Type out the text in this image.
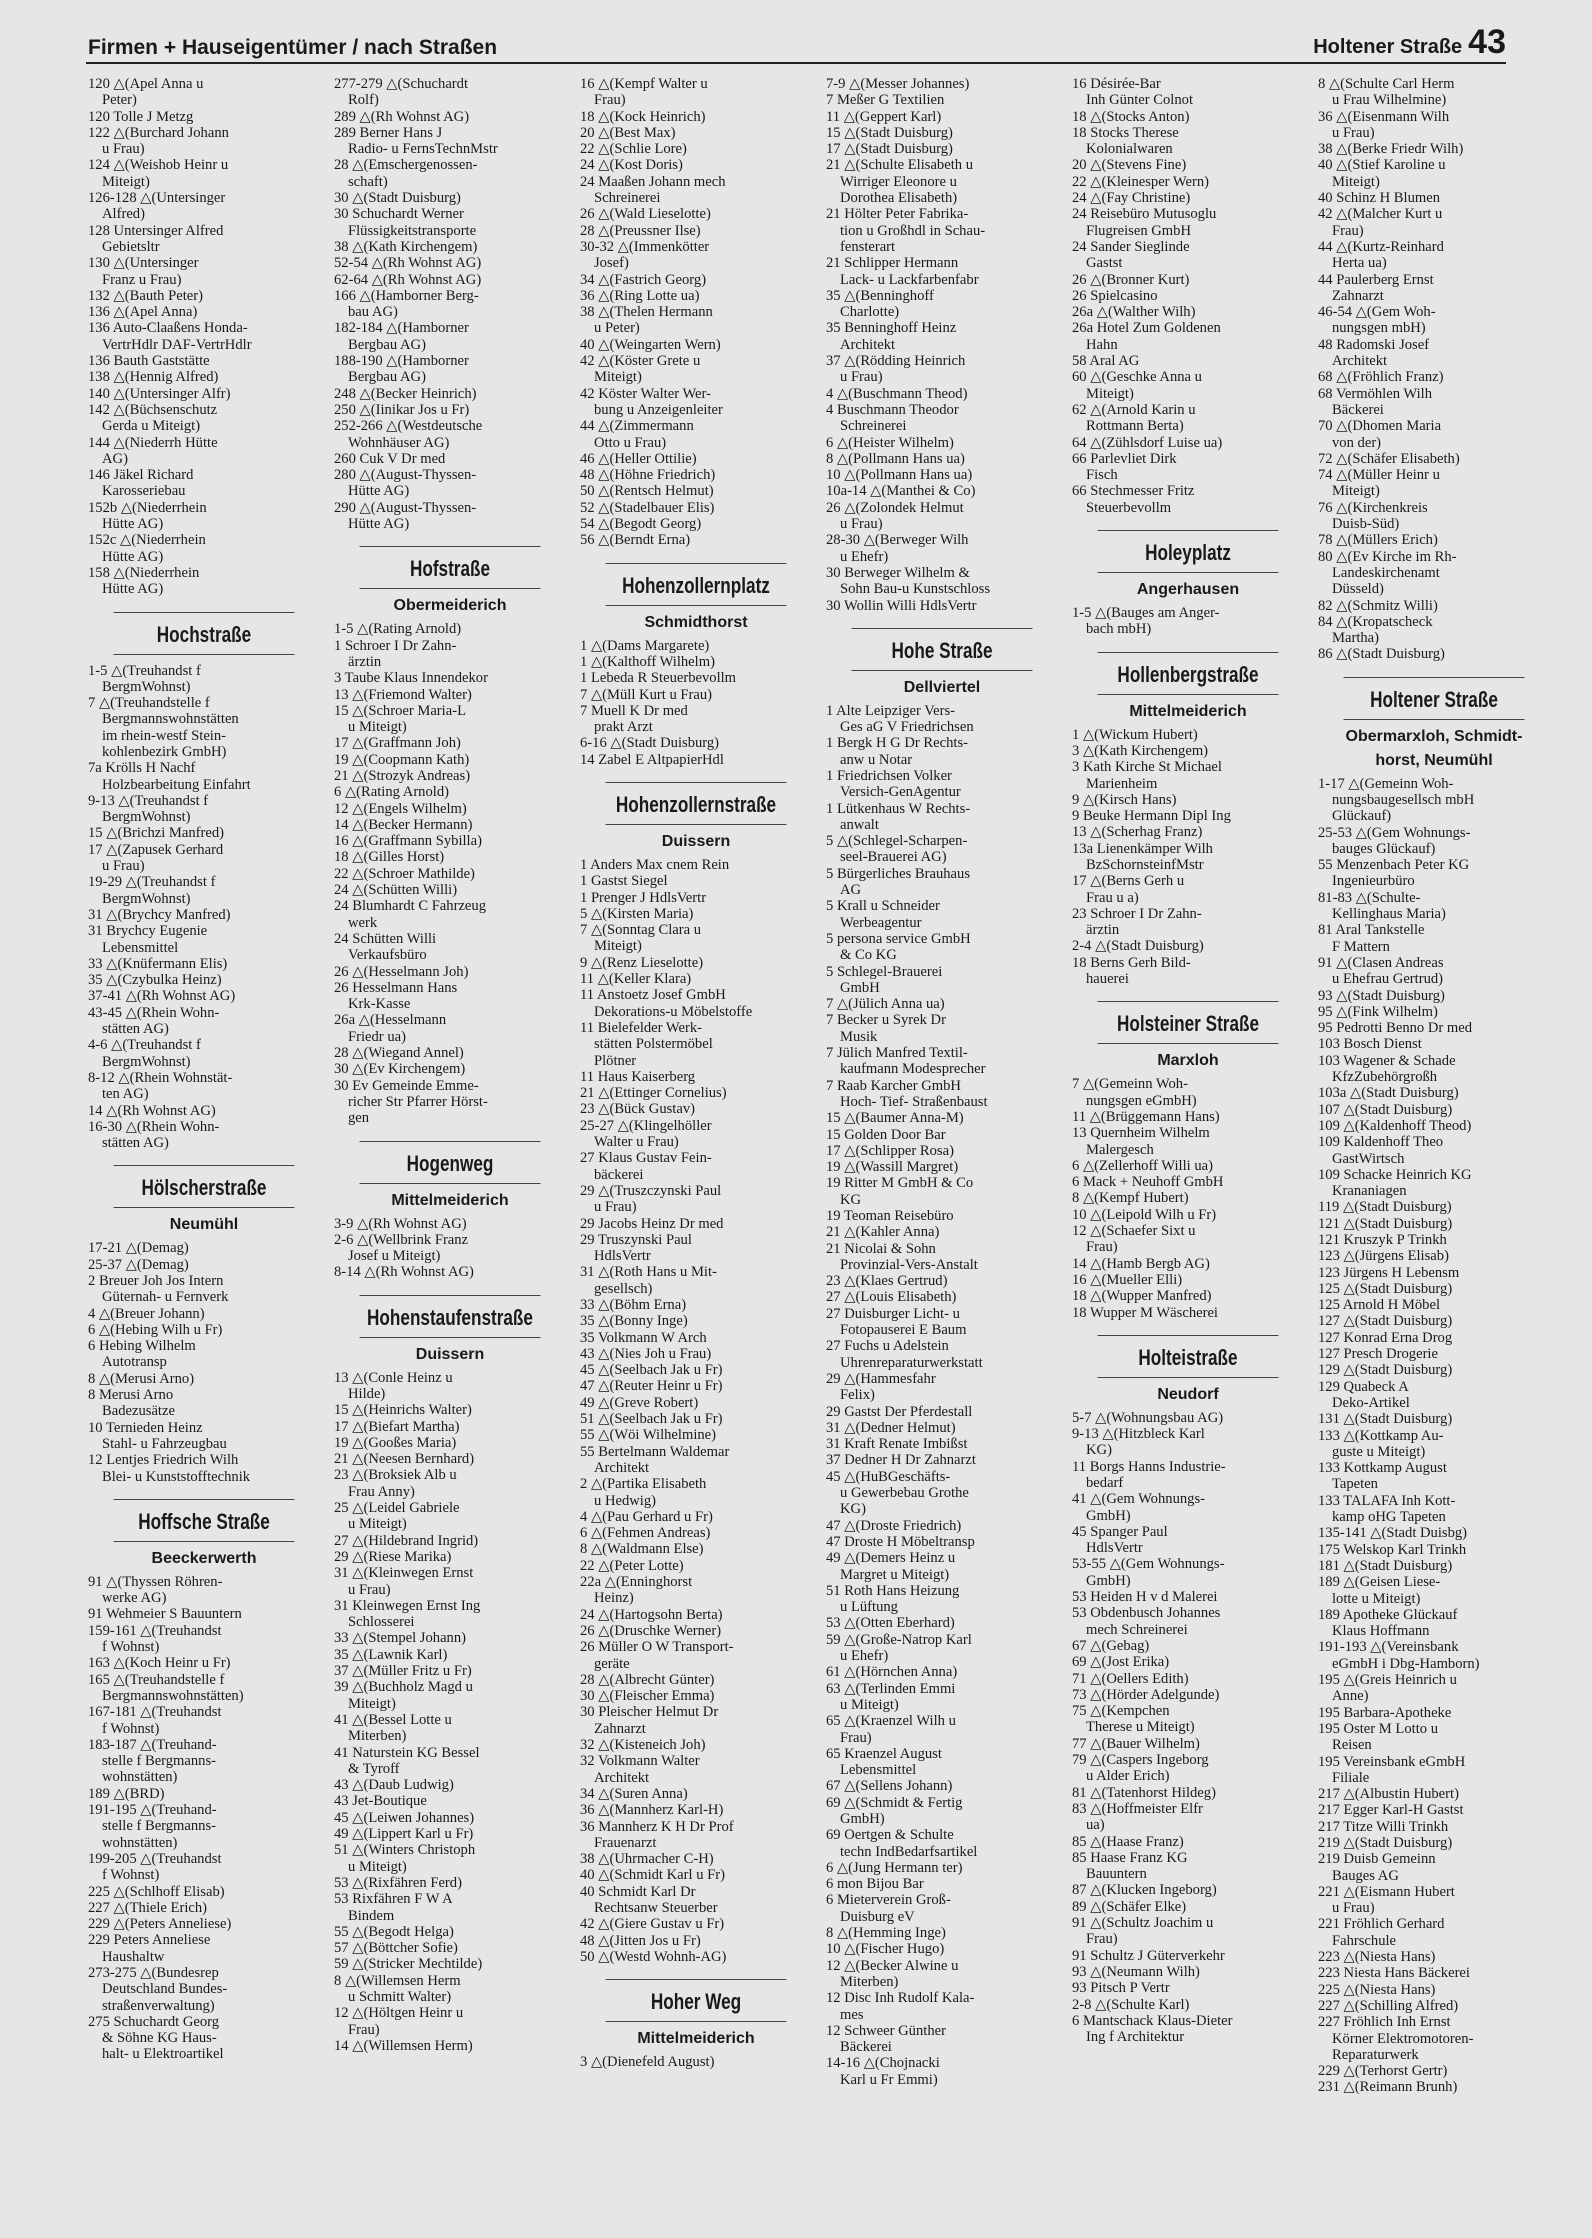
Firmen + Hauseigentümer / nach Straßen	Holtener Straße 43
120 △(Apel Anna u
Peter)
120 Tolle J Metzg
122 △(Burchard Johann
u Frau)
124 △(Weishob Heinr u
Miteigt)
126-128 △(Untersinger
Alfred)
128 Untersinger Alfred
Gebietsltr
130 △(Untersinger
Franz u Frau)
132 △(Bauth Peter)
136 △(Apel Anna)
136 Auto-Claaßens Honda-
VertrHdlr DAF-VertrHdlr
136 Bauth Gaststätte
138 △(Hennig Alfred)
140 △(Untersinger Alfr)
142 △(Büchsenschutz
Gerda u Miteigt)
144 △(Niederrh Hütte
AG)
146 Jäkel Richard
Karosseriebau
152b △(Niederrhein
Hütte AG)
152c △(Niederrhein
Hütte AG)
158 △(Niederrhein
Hütte AG)
Hochstraße
1-5 △(Treuhandst f
BergmWohnst)
7 △(Treuhandstelle f
Bergmannswohnstätten
im rhein-westf Stein-
kohlenbezirk GmbH)
7a Krölls H Nachf
Holzbearbeitung Einfahrt
9-13 △(Treuhandst f
BergmWohnst)
15 △(Brichzi Manfred)
17 △(Zapusek Gerhard
u Frau)
19-29 △(Treuhandst f
BergmWohnst)
31 △(Brychcy Manfred)
31 Brychcy Eugenie
Lebensmittel
33 △(Knüfermann Elis)
35 △(Czybulka Heinz)
37-41 △(Rh Wohnst AG)
43-45 △(Rhein Wohn-
stätten AG)
4-6 △(Treuhandst f
BergmWohnst)
8-12 △(Rhein Wohnstät-
ten AG)
14 △(Rh Wohnst AG)
16-30 △(Rhein Wohn-
stätten AG)
Hölscherstraße
Neumühl
17-21 △(Demag)
25-37 △(Demag)
2 Breuer Joh Jos Intern
Güternah- u Fernverk
4 △(Breuer Johann)
6 △(Hebing Wilh u Fr)
6 Hebing Wilhelm
Autotransp
8 △(Merusi Arno)
8 Merusi Arno
Badezusätze
10 Ternieden Heinz
Stahl- u Fahrzeugbau
12 Lentjes Friedrich Wilh
Blei- u Kunststofftechnik
Hoffsche Straße
Beeckerwerth
91 △(Thyssen Röhren-
werke AG)
91 Wehmeier S Bauuntern
159-161 △(Treuhandst
f Wohnst)
163 △(Koch Heinr u Fr)
165 △(Treuhandstelle f
Bergmannswohnstätten)
167-181 △(Treuhandst
f Wohnst)
183-187 △(Treuhand-
stelle f Bergmanns-
wohnstätten)
189 △(BRD)
191-195 △(Treuhand-
stelle f Bergmanns-
wohnstätten)
199-205 △(Treuhandst
f Wohnst)
225 △(Schlhoff Elisab)
227 △(Thiele Erich)
229 △(Peters Anneliese)
229 Peters Anneliese
Haushaltw
273-275 △(Bundesrep
Deutschland Bundes-
straßenverwaltung)
275 Schuchardt Georg
& Söhne KG Haus-
halt- u Elektroartikel
277-279 △(Schuchardt
Rolf)
289 △(Rh Wohnst AG)
289 Berner Hans J
Radio- u FernsTechnMstr
28 △(Emschergenossen-
schaft)
30 △(Stadt Duisburg)
30 Schuchardt Werner
Flüssigkeitstransporte
38 △(Kath Kirchengem)
52-54 △(Rh Wohnst AG)
62-64 △(Rh Wohnst AG)
166 △(Hamborner Berg-
bau AG)
182-184 △(Hamborner
Bergbau AG)
188-190 △(Hamborner
Bergbau AG)
248 △(Becker Heinrich)
250 △(Iinikar Jos u Fr)
252-266 △(Westdeutsche
Wohnhäuser AG)
260 Cuk V Dr med
280 △(August-Thyssen-
Hütte AG)
290 △(August-Thyssen-
Hütte AG)
Hofstraße
Obermeiderich
1-5 △(Rating Arnold)
1 Schroer I Dr Zahn-
ärztin
3 Taube Klaus Innendekor
13 △(Friemond Walter)
15 △(Schroer Maria-L
u Miteigt)
17 △(Graffmann Joh)
19 △(Coopmann Kath)
21 △(Strozyk Andreas)
6 △(Rating Arnold)
12 △(Engels Wilhelm)
14 △(Becker Hermann)
16 △(Graffmann Sybilla)
18 △(Gilles Horst)
22 △(Schroer Mathilde)
24 △(Schütten Willi)
24 Blumhardt C Fahrzeug
werk
24 Schütten Willi
Verkaufsbüro
26 △(Hesselmann Joh)
26 Hesselmann Hans
Krk-Kasse
26a △(Hesselmann
Friedr ua)
28 △(Wiegand Annel)
30 △(Ev Kirchengem)
30 Ev Gemeinde Emme-
richer Str Pfarrer Hörst-
gen
Hogenweg
Mittelmeiderich
3-9 △(Rh Wohnst AG)
2-6 △(Wellbrink Franz
Josef u Miteigt)
8-14 △(Rh Wohnst AG)
Hohenstaufenstraße
Duissern
13 △(Conle Heinz u
Hilde)
15 △(Heinrichs Walter)
17 △(Biefart Martha)
19 △(Gooßes Maria)
21 △(Neesen Bernhard)
23 △(Broksiek Alb u
Frau Anny)
25 △(Leidel Gabriele
u Miteigt)
27 △(Hildebrand Ingrid)
29 △(Riese Marika)
31 △(Kleinwegen Ernst
u Frau)
31 Kleinwegen Ernst Ing
Schlosserei
33 △(Stempel Johann)
35 △(Lawnik Karl)
37 △(Müller Fritz u Fr)
39 △(Buchholz Magd u
Miteigt)
41 △(Bessel Lotte u
Miterben)
41 Naturstein KG Bessel
& Tyroff
43 △(Daub Ludwig)
43 Jet-Boutique
45 △(Leiwen Johannes)
49 △(Lippert Karl u Fr)
51 △(Winters Christoph
u Miteigt)
53 △(Rixfähren Ferd)
53 Rixfähren F W A
Bindem
55 △(Begodt Helga)
57 △(Böttcher Sofie)
59 △(Stricker Mechtilde)
8 △(Willemsen Herm
u Schmitt Walter)
12 △(Höltgen Heinr u
Frau)
14 △(Willemsen Herm)
16 △(Kempf Walter u
Frau)
18 △(Kock Heinrich)
20 △(Best Max)
22 △(Schlie Lore)
24 △(Kost Doris)
24 Maaßen Johann mech
Schreinerei
26 △(Wald Lieselotte)
28 △(Preussner Ilse)
30-32 △(Immenkötter
Josef)
34 △(Fastrich Georg)
36 △(Ring Lotte ua)
38 △(Thelen Hermann
u Peter)
40 △(Weingarten Wern)
42 △(Köster Grete u
Miteigt)
42 Köster Walter Wer-
bung u Anzeigenleiter
44 △(Zimmermann
Otto u Frau)
46 △(Heller Ottilie)
48 △(Höhne Friedrich)
50 △(Rentsch Helmut)
52 △(Stadelbauer Elis)
54 △(Begodt Georg)
56 △(Berndt Erna)
Hohenzollernplatz
Schmidthorst
1 △(Dams Margarete)
1 △(Kalthoff Wilhelm)
1 Lebeda R Steuerbevollm
7 △(Müll Kurt u Frau)
7 Muell K Dr med
prakt Arzt
6-16 △(Stadt Duisburg)
14 Zabel E AltpapierHdl
Hohenzollernstraße
Duissern
1 Anders Max cnem Rein
1 Gastst Siegel
1 Prenger J HdlsVertr
5 △(Kirsten Maria)
7 △(Sonntag Clara u
Miteigt)
9 △(Renz Lieselotte)
11 △(Keller Klara)
11 Anstoetz Josef GmbH
Dekorations-u Möbelstoffe
11 Bielefelder Werk-
stätten Polstermöbel
Plötner
11 Haus Kaiserberg
21 △(Ettinger Cornelius)
23 △(Bück Gustav)
25-27 △(Klingelhöller
Walter u Frau)
27 Klaus Gustav Fein-
bäckerei
29 △(Truszczynski Paul
u Frau)
29 Jacobs Heinz Dr med
29 Truszynski Paul
HdlsVertr
31 △(Roth Hans u Mit-
gesellsch)
33 △(Böhm Erna)
35 △(Bonny Inge)
35 Volkmann W Arch
43 △(Nies Joh u Frau)
45 △(Seelbach Jak u Fr)
47 △(Reuter Heinr u Fr)
49 △(Greve Robert)
51 △(Seelbach Jak u Fr)
55 △(Wöi Wilhelmine)
55 Bertelmann Waldemar
Architekt
2 △(Partika Elisabeth
u Hedwig)
4 △(Pau Gerhard u Fr)
6 △(Fehmen Andreas)
8 △(Waldmann Else)
22 △(Peter Lotte)
22a △(Enninghorst
Heinz)
24 △(Hartogsohn Berta)
26 △(Druschke Werner)
26 Müller O W Transport-
geräte
28 △(Albrecht Günter)
30 △(Fleischer Emma)
30 Pleischer Helmut Dr
Zahnarzt
32 △(Kisteneich Joh)
32 Volkmann Walter
Architekt
34 △(Suren Anna)
36 △(Mannherz Karl-H)
36 Mannherz K H Dr Prof
Frauenarzt
38 △(Uhrmacher C-H)
40 △(Schmidt Karl u Fr)
40 Schmidt Karl Dr
Rechtsanw Steuerber
42 △(Giere Gustav u Fr)
48 △(Jitten Jos u Fr)
50 △(Westd Wohnh-AG)
Hoher Weg
Mittelmeiderich
3 △(Dienefeld August)
7-9 △(Messer Johannes)
7 Meßer G Textilien
11 △(Geppert Karl)
15 △(Stadt Duisburg)
17 △(Stadt Duisburg)
21 △(Schulte Elisabeth u
Wirriger Eleonore u
Dorothea Elisabeth)
21 Hölter Peter Fabrika-
tion u Großhdl in Schau-
fensterart
21 Schlipper Hermann
Lack- u Lackfarbenfabr
35 △(Benninghoff
Charlotte)
35 Benninghoff Heinz
Architekt
37 △(Rödding Heinrich
u Frau)
4 △(Buschmann Theod)
4 Buschmann Theodor
Schreinerei
6 △(Heister Wilhelm)
8 △(Pollmann Hans ua)
10 △(Pollmann Hans ua)
10a-14 △(Manthei & Co)
26 △(Zolondek Helmut
u Frau)
28-30 △(Berweger Wilh
u Ehefr)
30 Berweger Wilhelm &
Sohn Bau-u Kunstschloss
30 Wollin Willi HdlsVertr
Hohe Straße
Dellviertel
1 Alte Leipziger Vers-
Ges aG V Friedrichsen
1 Bergk H G Dr Rechts-
anw u Notar
1 Friedrichsen Volker
Versich-GenAgentur
1 Lütkenhaus W Rechts-
anwalt
5 △(Schlegel-Scharpen-
seel-Brauerei AG)
5 Bürgerliches Brauhaus
AG
5 Krall u Schneider
Werbeagentur
5 persona service GmbH
& Co KG
5 Schlegel-Brauerei
GmbH
7 △(Jülich Anna ua)
7 Becker u Syrek Dr
Musik
7 Jülich Manfred Textil-
kaufmann Modesprecher
7 Raab Karcher GmbH
Hoch- Tief- Straßenbaust
15 △(Baumer Anna-M)
15 Golden Door Bar
17 △(Schlipper Rosa)
19 △(Wassill Margret)
19 Ritter M GmbH & Co
KG
19 Teoman Reisebüro
21 △(Kahler Anna)
21 Nicolai & Sohn
Provinzial-Vers-Anstalt
23 △(Klaes Gertrud)
27 △(Louis Elisabeth)
27 Duisburger Licht- u
Fotopauserei E Baum
27 Fuchs u Adelstein
Uhrenreparaturwerkstatt
29 △(Hammesfahr
Felix)
29 Gastst Der Pferdestall
31 △(Dedner Helmut)
31 Kraft Renate Imbißst
37 Dedner H Dr Zahnarzt
45 △(HuBGeschäfts-
u Gewerbebau Grothe
KG)
47 △(Droste Friedrich)
47 Droste H Möbeltransp
49 △(Demers Heinz u
Margret u Miteigt)
51 Roth Hans Heizung
u Lüftung
53 △(Otten Eberhard)
59 △(Große-Natrop Karl
u Ehefr)
61 △(Hörnchen Anna)
63 △(Terlinden Emmi
u Miteigt)
65 △(Kraenzel Wilh u
Frau)
65 Kraenzel August
Lebensmittel
67 △(Sellens Johann)
69 △(Schmidt & Fertig
GmbH)
69 Oertgen & Schulte
techn IndBedarfsartikel
6 △(Jung Hermann ter)
6 mon Bijou Bar
6 Mieterverein Groß-
Duisburg eV
8 △(Hemming Inge)
10 △(Fischer Hugo)
12 △(Becker Alwine u
Miterben)
12 Disc Inh Rudolf Kala-
mes
12 Schweer Günther
Bäckerei
14-16 △(Chojnacki
Karl u Fr Emmi)
16 Désirée-Bar
Inh Günter Colnot
18 △(Stocks Anton)
18 Stocks Therese
Kolonialwaren
20 △(Stevens Fine)
22 △(Kleinesper Wern)
24 △(Fay Christine)
24 Reisebüro Mutusoglu
Flugreisen GmbH
24 Sander Sieglinde
Gastst
26 △(Bronner Kurt)
26 Spielcasino
26a △(Walther Wilh)
26a Hotel Zum Goldenen
Hahn
58 Aral AG
60 △(Geschke Anna u
Miteigt)
62 △(Arnold Karin u
Rottmann Berta)
64 △(Zühlsdorf Luise ua)
66 Parlevliet Dirk
Fisch
66 Stechmesser Fritz
Steuerbevollm
Holeyplatz
Angerhausen
1-5 △(Bauges am Anger-
bach mbH)
Hollenbergstraße
Mittelmeiderich
1 △(Wickum Hubert)
3 △(Kath Kirchengem)
3 Kath Kirche St Michael
Marienheim
9 △(Kirsch Hans)
9 Beuke Hermann Dipl Ing
13 △(Scherhag Franz)
13a Lienenkämper Wilh
BzSchornsteinfMstr
17 △(Berns Gerh u
Frau u a)
23 Schroer I Dr Zahn-
ärztin
2-4 △(Stadt Duisburg)
18 Berns Gerh Bild-
hauerei
Holsteiner Straße
Marxloh
7 △(Gemeinn Woh-
nungsgen eGmbH)
11 △(Brüggemann Hans)
13 Quernheim Wilhelm
Malergesch
6 △(Zellerhoff Willi ua)
6 Mack + Neuhoff GmbH
8 △(Kempf Hubert)
10 △(Leipold Wilh u Fr)
12 △(Schaefer Sixt u
Frau)
14 △(Hamb Bergb AG)
16 △(Mueller Elli)
18 △(Wupper Manfred)
18 Wupper M Wäscherei
Holteistraße
Neudorf
5-7 △(Wohnungsbau AG)
9-13 △(Hitzbleck Karl
KG)
11 Borgs Hanns Industrie-
bedarf
41 △(Gem Wohnungs-
GmbH)
45 Spanger Paul
HdlsVertr
53-55 △(Gem Wohnungs-
GmbH)
53 Heiden H v d Malerei
53 Obdenbusch Johannes
mech Schreinerei
67 △(Gebag)
69 △(Jost Erika)
71 △(Oellers Edith)
73 △(Hörder Adelgunde)
75 △(Kempchen
Therese u Miteigt)
77 △(Bauer Wilhelm)
79 △(Caspers Ingeborg
u Alder Erich)
81 △(Tatenhorst Hildeg)
83 △(Hoffmeister Elfr
ua)
85 △(Haase Franz)
85 Haase Franz KG
Bauuntern
87 △(Klucken Ingeborg)
89 △(Schäfer Elke)
91 △(Schultz Joachim u
Frau)
91 Schultz J Güterverkehr
93 △(Neumann Wilh)
93 Pitsch P Vertr
2-8 △(Schulte Karl)
6 Mantschack Klaus-Dieter
Ing f Architektur
8 △(Schulte Carl Herm
u Frau Wilhelmine)
36 △(Eisenmann Wilh
u Frau)
38 △(Berke Friedr Wilh)
40 △(Stief Karoline u
Miteigt)
40 Schinz H Blumen
42 △(Malcher Kurt u
Frau)
44 △(Kurtz-Reinhard
Herta ua)
44 Paulerberg Ernst
Zahnarzt
46-54 △(Gem Woh-
nungsgen mbH)
48 Radomski Josef
Architekt
68 △(Fröhlich Franz)
68 Vermöhlen Wilh
Bäckerei
70 △(Dhomen Maria
von der)
72 △(Schäfer Elisabeth)
74 △(Müller Heinr u
Miteigt)
76 △(Kirchenkreis
Duisb-Süd)
78 △(Müllers Erich)
80 △(Ev Kirche im Rh-
Landeskirchenamt
Düsseld)
82 △(Schmitz Willi)
84 △(Kropatscheck
Martha)
86 △(Stadt Duisburg)
Holtener Straße
Obermarxloh, Schmidt-
horst, Neumühl
1-17 △(Gemeinn Woh-
nungsbaugesellsch mbH
Glückauf)
25-53 △(Gem Wohnungs-
bauges Glückauf)
55 Menzenbach Peter KG
Ingenieurbüro
81-83 △(Schulte-
Kellinghaus Maria)
81 Aral Tankstelle
F Mattern
91 △(Clasen Andreas
u Ehefrau Gertrud)
93 △(Stadt Duisburg)
95 △(Fink Wilhelm)
95 Pedrotti Benno Dr med
103 Bosch Dienst
103 Wagener & Schade
KfzZubehörgroßh
103a △(Stadt Duisburg)
107 △(Stadt Duisburg)
109 △(Kaldenhoff Theod)
109 Kaldenhoff Theo
GastWirtsch
109 Schacke Heinrich KG
Krananiagen
119 △(Stadt Duisburg)
121 △(Stadt Duisburg)
121 Kruszyk P Trinkh
123 △(Jürgens Elisab)
123 Jürgens H Lebensm
125 △(Stadt Duisburg)
125 Arnold H Möbel
127 △(Stadt Duisburg)
127 Konrad Erna Drog
127 Presch Drogerie
129 △(Stadt Duisburg)
129 Quabeck A
Deko-Artikel
131 △(Stadt Duisburg)
133 △(Kottkamp Au-
guste u Miteigt)
133 Kottkamp August
Tapeten
133 TALAFA Inh Kott-
kamp oHG Tapeten
135-141 △(Stadt Duisbg)
175 Welskop Karl Trinkh
181 △(Stadt Duisburg)
189 △(Geisen Liese-
lotte u Miteigt)
189 Apotheke Glückauf
Klaus Hoffmann
191-193 △(Vereinsbank
eGmbH i Dbg-Hamborn)
195 △(Greis Heinrich u
Anne)
195 Barbara-Apotheke
195 Oster M Lotto u
Reisen
195 Vereinsbank eGmbH
Filiale
217 △(Albustin Hubert)
217 Egger Karl-H Gastst
217 Titze Willi Trinkh
219 △(Stadt Duisburg)
219 Duisb Gemeinn
Bauges AG
221 △(Eismann Hubert
u Frau)
221 Fröhlich Gerhard
Fahrschule
223 △(Niesta Hans)
223 Niesta Hans Bäckerei
225 △(Niesta Hans)
227 △(Schilling Alfred)
227 Fröhlich Inh Ernst
Körner Elektromotoren-
Reparaturwerk
229 △(Terhorst Gertr)
231 △(Reimann Brunh)
